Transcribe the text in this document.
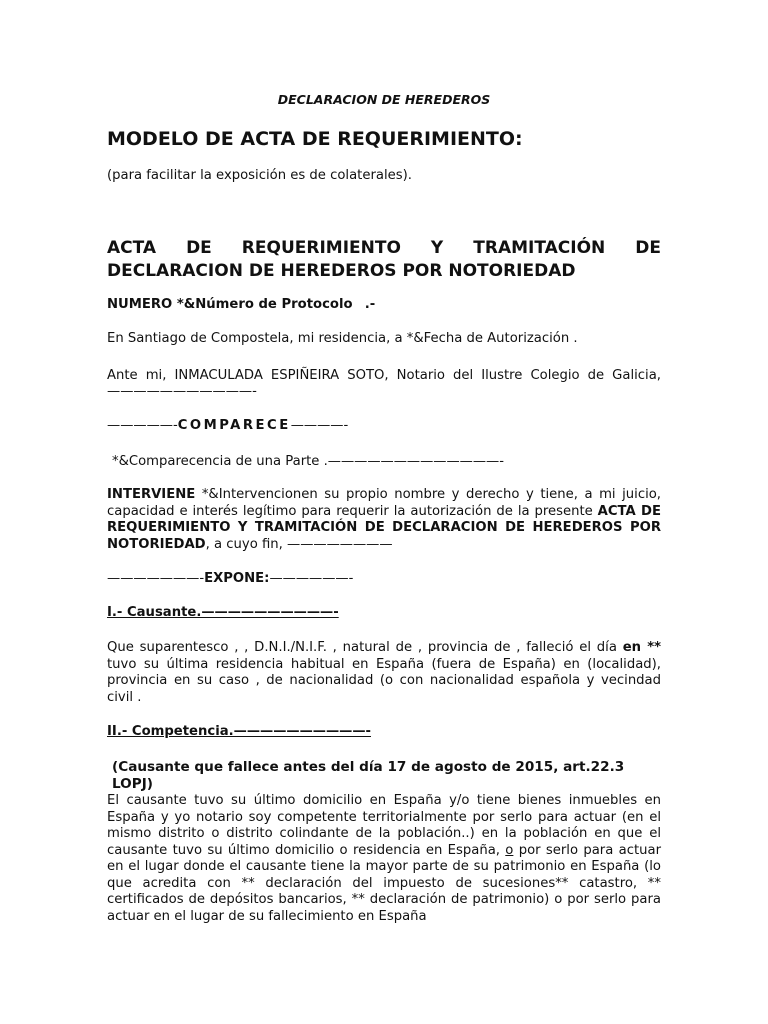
DECLARACION DE HEREDEROS
MODELO DE ACTA DE REQUERIMIENTO:
(para facilitar la exposición es de colaterales).
ACTA DE REQUERIMIENTO Y TRAMITACIÓN DE
DECLARACION DE HEREDEROS POR NOTORIEDAD
NUMERO *&Número de Protocolo .-
En Santiago de Compostela, mi residencia, a *&Fecha de Autorización .
Ante mi, INMACULADA ESPIÑEIRA SOTO, Notario del Ilustre Colegio de Galicia,
———————————-
—————-COMPARECE————-
*&Comparecencia de una Parte .—————————————-
INTERVIENE *&Intervencionen su propio nombre y derecho y tiene, a mi juicio, capacidad e interés legítimo para requerir la autorización de la presente ACTA DE REQUERIMIENTO Y TRAMITACIÓN DE DECLARACION DE HEREDEROS POR NOTORIEDAD, a cuyo fin, ————————
———————-EXPONE:——————-
I.- Causante.——————————-
Que suparentesco , , D.N.I./N.I.F. , natural de , provincia de , falleció el día en ** tuvo su última residencia habitual en España (fuera de España) en (localidad), provincia en su caso , de nacionalidad (o con nacionalidad española y vecindad civil .
II.- Competencia.——————————-
(Causante que fallece antes del día 17 de agosto de 2015, art.22.3 LOPJ)
El causante tuvo su último domicilio en España y/o tiene bienes inmuebles en España y yo notario soy competente territorialmente por serlo para actuar (en el mismo distrito o distrito colindante de la población..) en la población en que el causante tuvo su último domicilio o residencia en España, o por serlo para actuar en el lugar donde el causante tiene la mayor parte de su patrimonio en España (lo que acredita con ** declaración del impuesto de sucesiones** catastro, ** certificados de depósitos bancarios, ** declaración de patrimonio) o por serlo para actuar en el lugar de su fallecimiento en España
